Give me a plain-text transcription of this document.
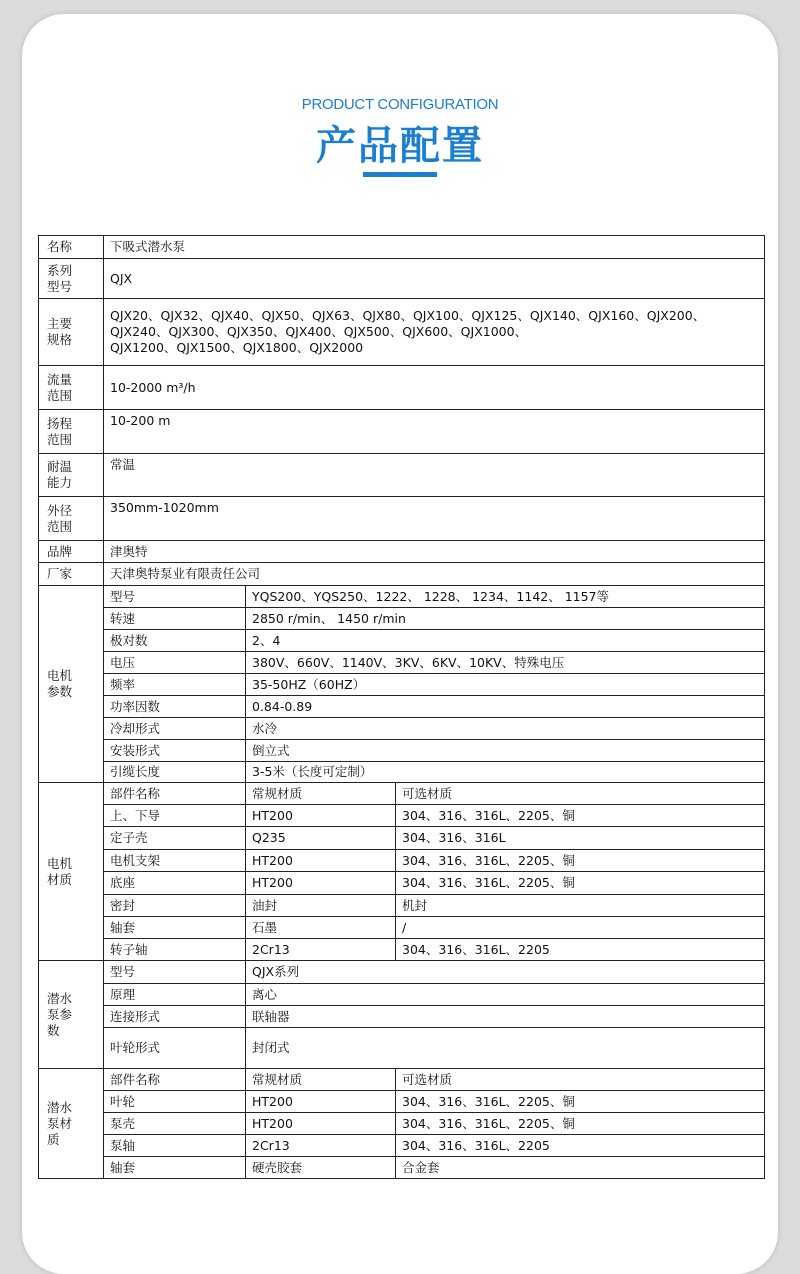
PRODUCT CONFIGURATION
产品配置
名称	下吸式潜水泵		
系列
型号	QJX		
主要
规格	QJX20、QJX32、QJX40、QJX50、QJX63、QJX80、QJX100、QJX125、QJX140、QJX160、QJX200、QJX240、QJX300、QJX350、QJX400、QJX500、QJX600、QJX1000、
QJX1200、QJX1500、QJX1800、QJX2000		
流量
范围	10-2000 m³/h		
扬程
范围	10-200 m		
耐温
能力	常温		
外径
范围	350mm-1020mm		
品牌	津奥特		
厂家	天津奥特泵业有限责任公司		
电机
参数	型号	YQS200、YQS250、1222、 1228、 1234、1142、 1157等	
	转速	2850 r/min、 1450 r/min	
	极对数	2、4	
	电压	380V、660V、1140V、3KV、6KV、10KV、特殊电压	
	频率	35-50HZ（60HZ）	
	功率因数	0.84-0.89	
	冷却形式	水冷	
	安装形式	倒立式	
	引缆长度	3-5米（长度可定制）	
电机
材质	部件名称	常规材质	可选材质
	上、下导	HT200	304、316、316L、2205、铜
	定子壳	Q235	304、316、316L
	电机支架	HT200	304、316、316L、2205、铜
	底座	HT200	304、316、316L、2205、铜
	密封	油封	机封
	轴套	石墨	/
	转子轴	2Cr13	304、316、316L、2205
潜水
泵参
数	型号	QJX系列	
	原理	离心	
	连接形式	联轴器	
	叶轮形式	封闭式	
潜水
泵材
质	部件名称	常规材质	可选材质
	叶轮	HT200	304、316、316L、2205、铜
	泵壳	HT200	304、316、316L、2205、铜
	泵轴	2Cr13	304、316、316L、2205
	轴套	硬壳胶套	合金套
